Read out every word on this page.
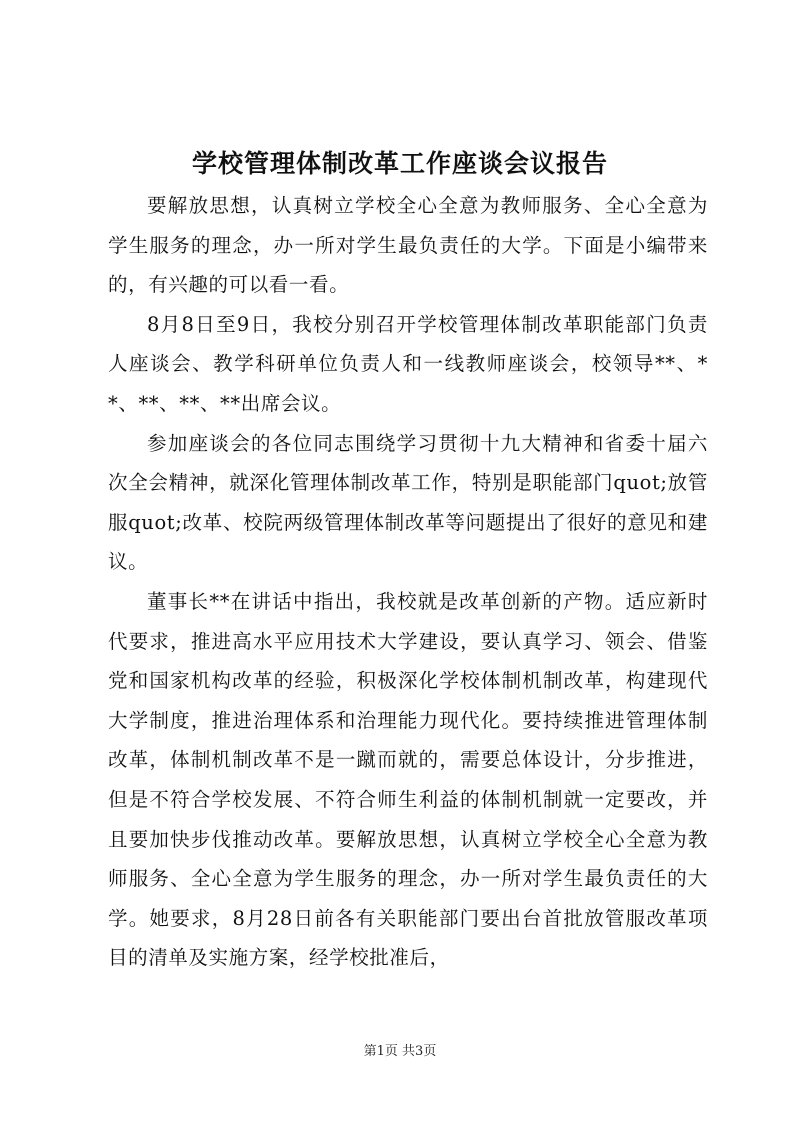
学校管理体制改革工作座谈会议报告

要解放思想，认真树立学校全心全意为教师服务、全心全意为学生服务的理念，办一所对学生最负责任的大学。下面是小编带来的，有兴趣的可以看一看。

8月8日至9日，我校分别召开学校管理体制改革职能部门负责人座谈会、教学科研单位负责人和一线教师座谈会，校领导**、**、**、**、**出席会议。

参加座谈会的各位同志围绕学习贯彻十九大精神和省委十届六次全会精神，就深化管理体制改革工作，特别是职能部门quot;放管服quot;改革、校院两级管理体制改革等问题提出了很好的意见和建议。

董事长**在讲话中指出，我校就是改革创新的产物。适应新时代要求，推进高水平应用技术大学建设，要认真学习、领会、借鉴党和国家机构改革的经验，积极深化学校体制机制改革，构建现代大学制度，推进治理体系和治理能力现代化。要持续推进管理体制改革，体制机制改革不是一蹴而就的，需要总体设计，分步推进，但是不符合学校发展、不符合师生利益的体制机制就一定要改，并且要加快步伐推动改革。要解放思想，认真树立学校全心全意为教师服务、全心全意为学生服务的理念，办一所对学生最负责任的大学。她要求，8月28日前各有关职能部门要出台首批放管服改革项目的清单及实施方案，经学校批准后，

第1页 共3页
